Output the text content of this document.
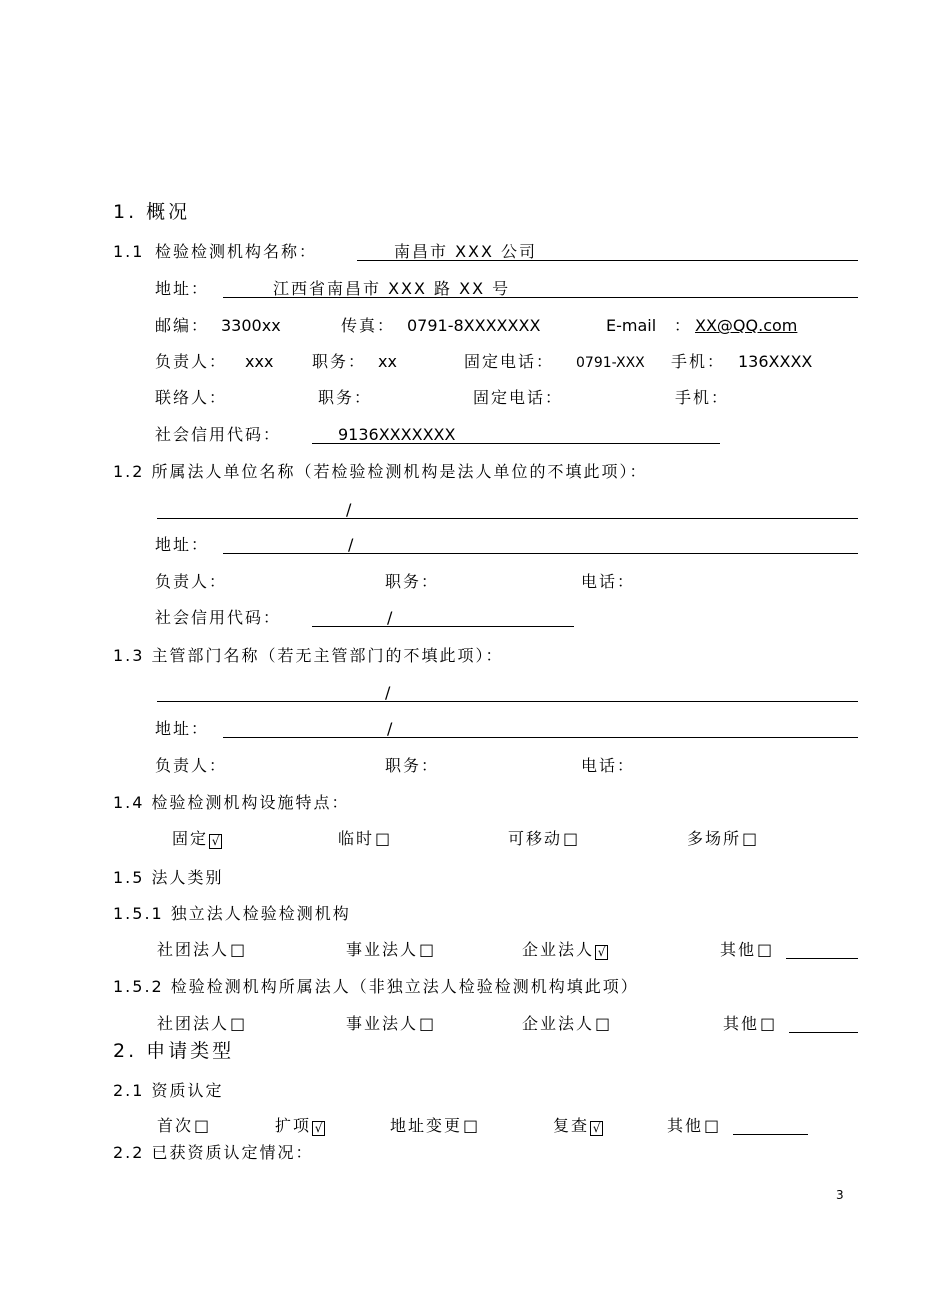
1. 概况
1.1 检验检测机构名称：	南昌市 XXX 公司
地址：	江西省南昌市 XXX 路 XX 号
邮编： 3300xx	传真： 0791-8XXXXXXX	E-mail ： XX@QQ.com
负责人： xxx 职务： xx	固定电话： 0791-XXX 手机： 136XXXX
联络人：	职务：	固定电话：	手机：
社会信用代码：	9136XXXXXXX
1.2 所属法人单位名称（若检验检测机构是法人单位的不填此项）：
/
地址：	/
负责人：	职务：	电话：
社会信用代码：	/
1.3 主管部门名称（若无主管部门的不填此项）：
/
地址：	/
负责人：	职务：	电话：
1.4 检验检测机构设施特点：
固定 √	临时□	可移动□	多场所□
1.5 法人类别
1.5.1 独立法人检验检测机构
社团法人□	事业法人□	企业法人 √	其他□
1.5.2 检验检测机构所属法人（非独立法人检验检测机构填此项）
社团法人□	事业法人□	企业法人□	其他□
2. 申请类型
2.1 资质认定
首次□	扩项 √	地址变更□	复查 √	其他□
2.2 已获资质认定情况：
3
